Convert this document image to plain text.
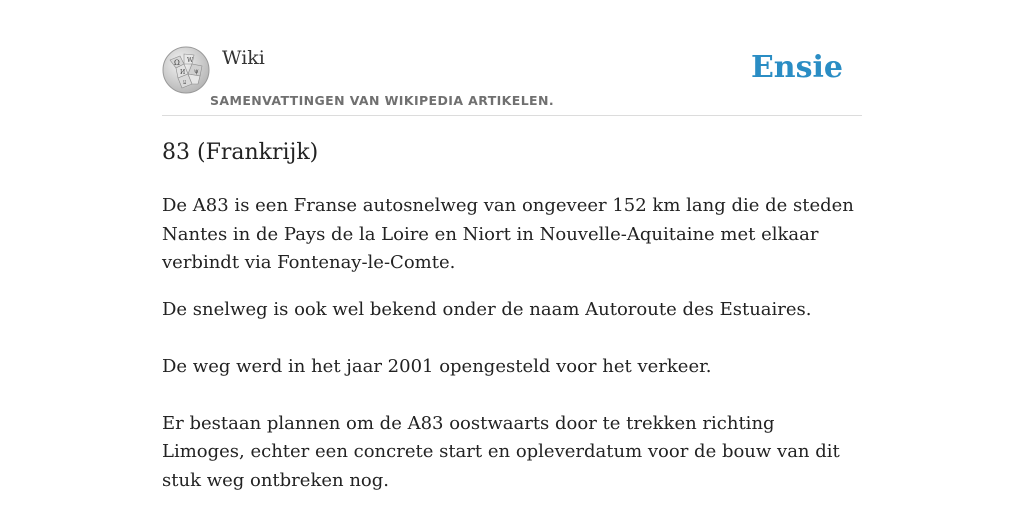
Ω W
И ψ
ע
Wiki
SAMENVATTINGEN VAN WIKIPEDIA ARTIKELEN.
Ensie
83 (Frankrijk)

De A83 is een Franse autosnelweg van ongeveer 152 km lang die de steden Nantes in de Pays de la Loire en Niort in Nouvelle-Aquitaine met elkaar verbindt via Fontenay-le-Comte.

De snelweg is ook wel bekend onder de naam Autoroute des Estuaires.

De weg werd in het jaar 2001 opengesteld voor het verkeer.

Er bestaan plannen om de A83 oostwaarts door te trekken richting Limoges, echter een concrete start en opleverdatum voor de bouw van dit stuk weg ontbreken nog.
